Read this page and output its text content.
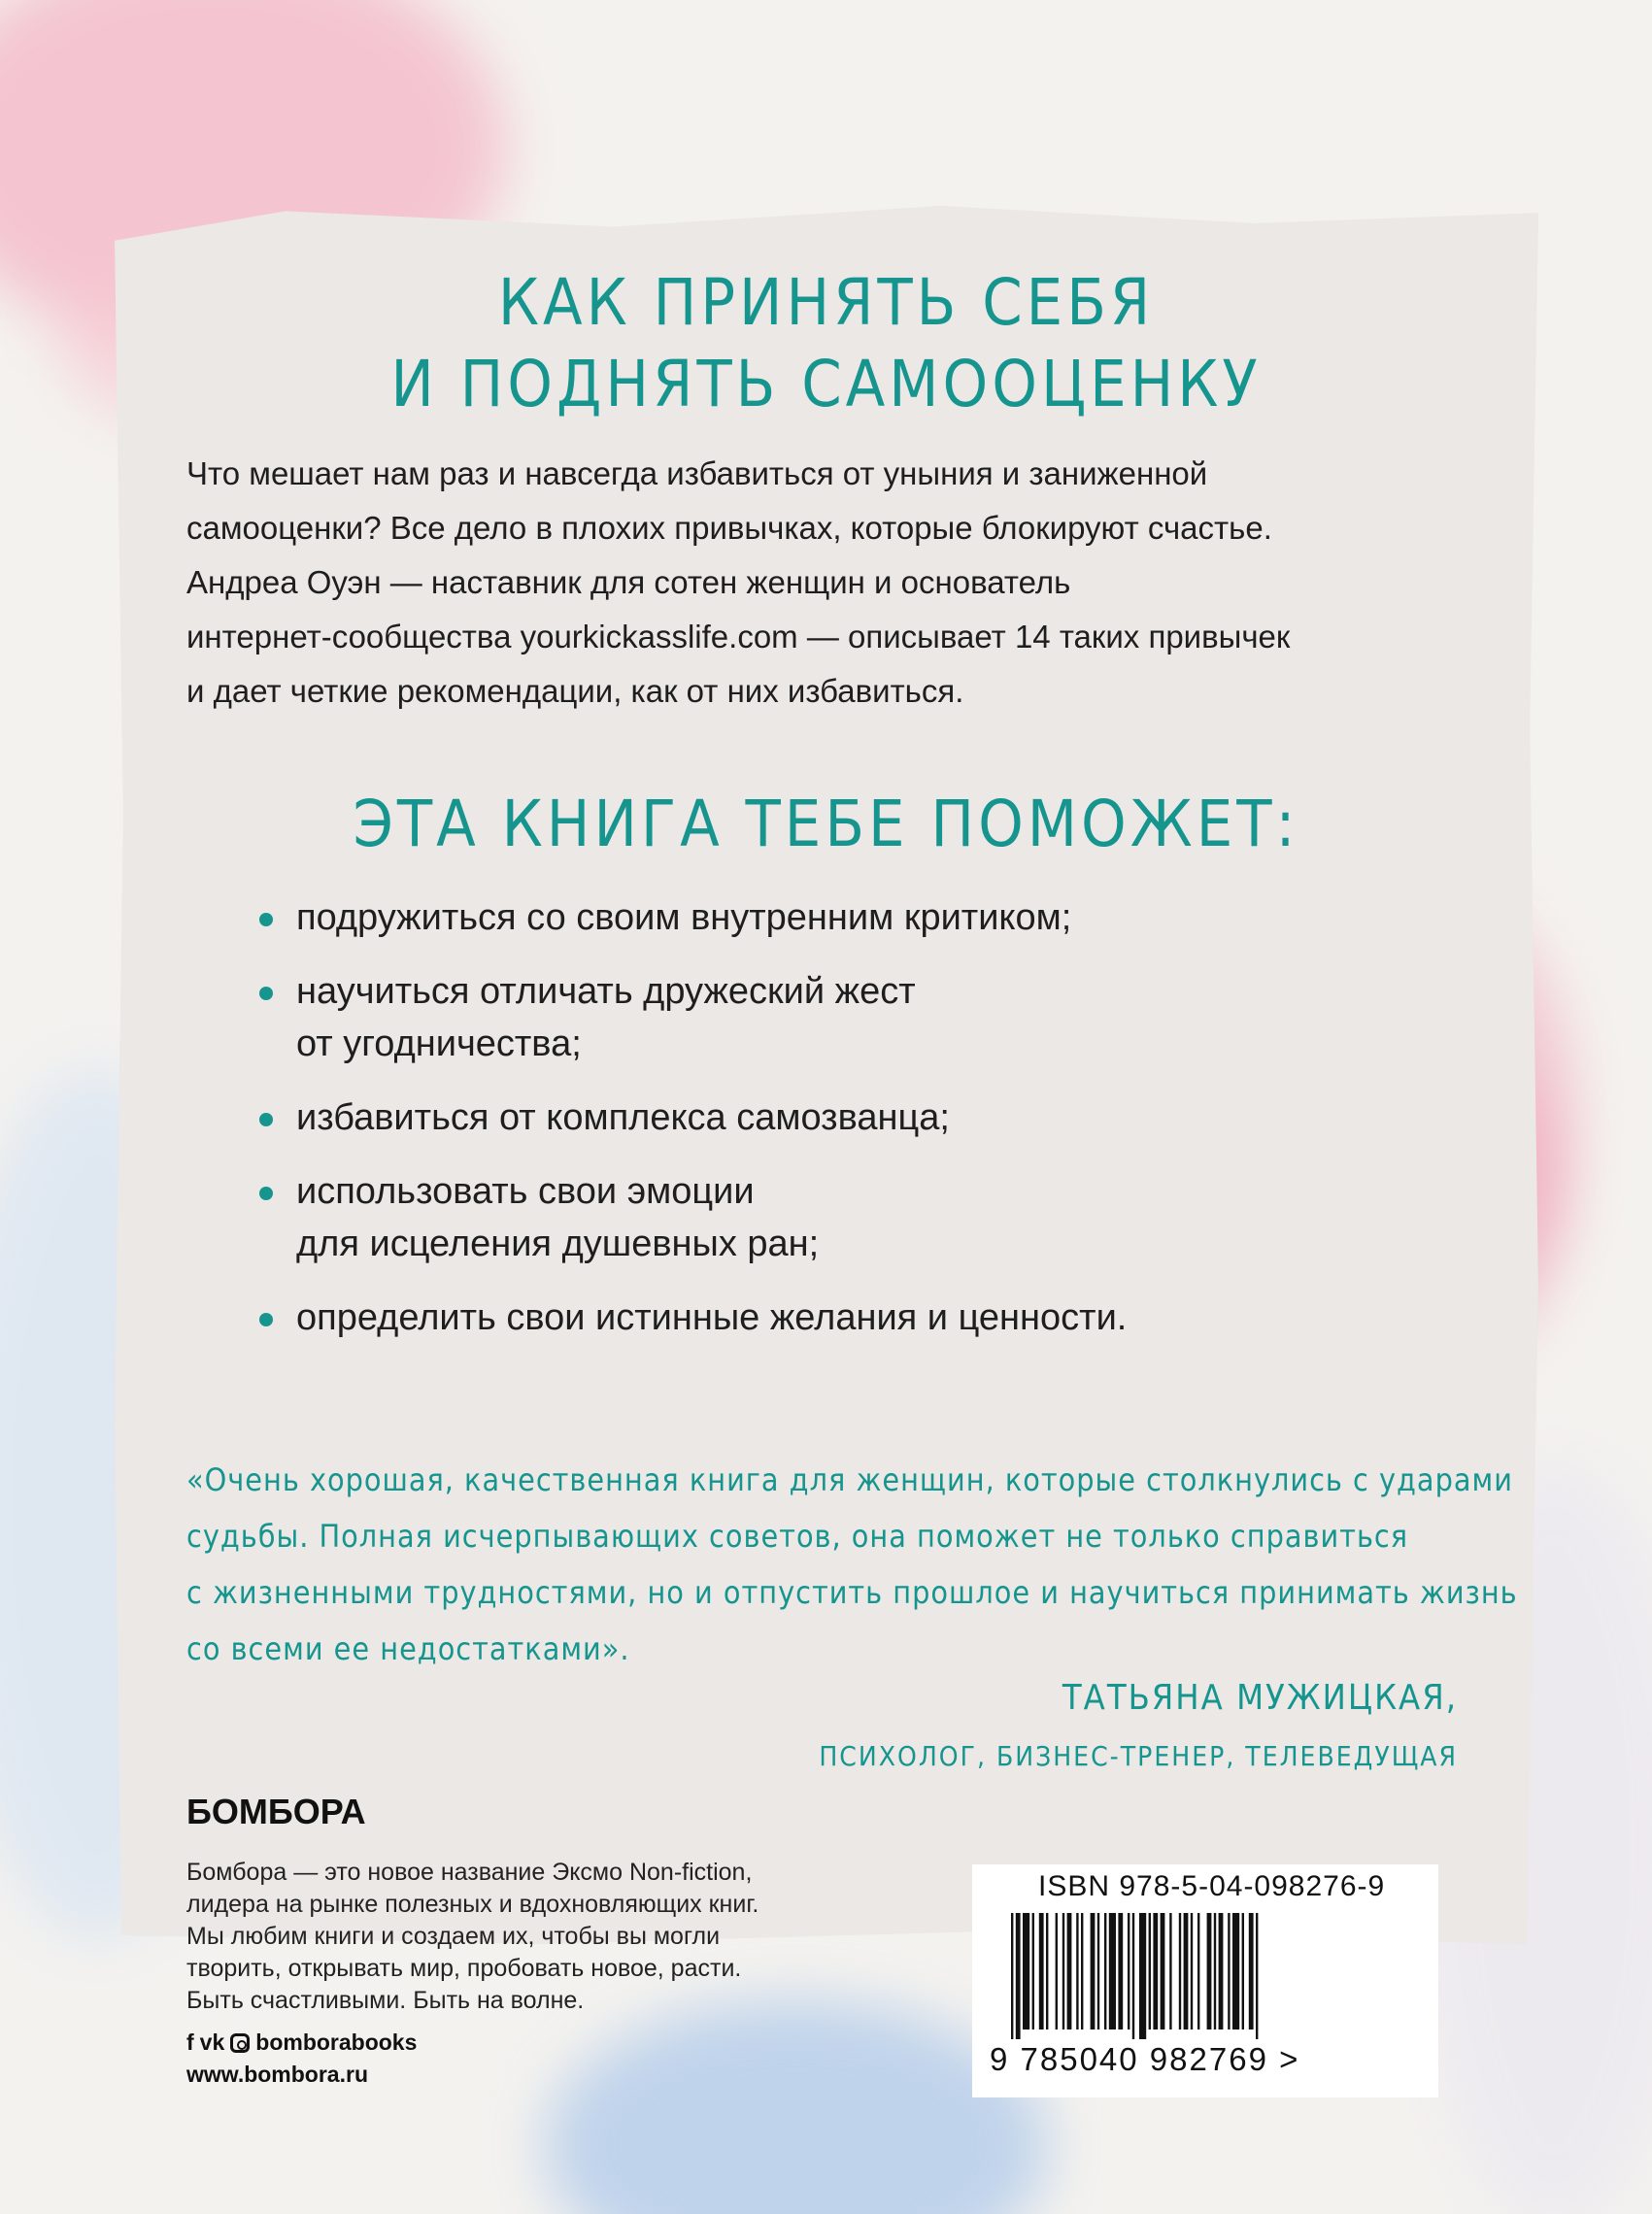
КАК ПРИНЯТЬ СЕБЯ
И ПОДНЯТЬ САМООЦЕНКУ
Что мешает нам раз и навсегда избавиться от уныния и заниженной
самооценки? Все дело в плохих привычках, которые блокируют счастье.
Андреа Оуэн — наставник для сотен женщин и основатель
интернет-сообщества yourkickasslife.com — описывает 14 таких привычек
и дает четкие рекомендации, как от них избавиться.
ЭТА КНИГА ТЕБЕ ПОМОЖЕТ:
подружиться со своим внутренним критиком;
научиться отличать дружеский жест
от угодничества;
избавиться от комплекса самозванца;
использовать свои эмоции
для исцеления душевных ран;
определить свои истинные желания и ценности.
«Очень хорошая, качественная книга для женщин, которые столкнулись с ударами
судьбы. Полная исчерпывающих советов, она поможет не только справиться
с жизненными трудностями, но и отпустить прошлое и научиться принимать жизнь
со всеми ее недостатками».
ТАТЬЯНА МУЖИЦКАЯ,
ПСИХОЛОГ, БИЗНЕС-ТРЕНЕР, ТЕЛЕВЕДУЩАЯ
БОМБОРА
Бомбора — это новое название Эксмо Non-fiction,
лидера на рынке полезных и вдохновляющих книг.
Мы любим книги и создаем их, чтобы вы могли
творить, открывать мир, пробовать новое, расти.
Быть счастливыми. Быть на волне.
f vk bomborabooks
www.bombora.ru
ISBN 978-5-04-098276-9
9 785040 982769 >
